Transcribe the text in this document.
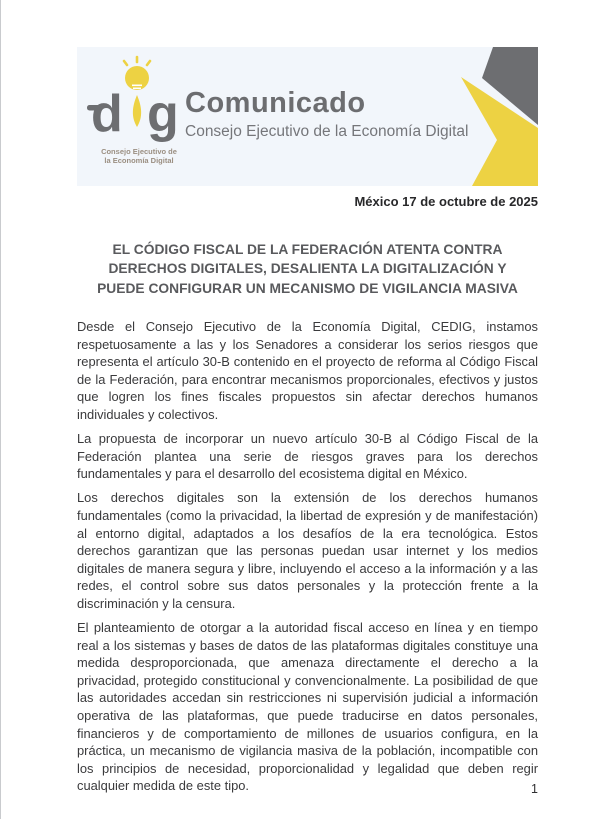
d g
Consejo Ejecutivo de
la Economía Digital
Comunicado
Consejo Ejecutivo de la Economía Digital
México 17 de octubre de 2025
EL CÓDIGO FISCAL DE LA FEDERACIÓN ATENTA CONTRA
DERECHOS DIGITALES, DESALIENTA LA DIGITALIZACIÓN Y
PUEDE CONFIGURAR UN MECANISMO DE VIGILANCIA MASIVA

Desde el Consejo Ejecutivo de la Economía Digital, CEDIG, instamos respetuosamente a las y los Senadores a considerar los serios riesgos que representa el artículo 30-B contenido en el proyecto de reforma al Código Fiscal de la Federación, para encontrar mecanismos proporcionales, efectivos y justos que logren los fines fiscales propuestos sin afectar derechos humanos individuales y colectivos.

La propuesta de incorporar un nuevo artículo 30-B al Código Fiscal de la Federación plantea una serie de riesgos graves para los derechos fundamentales y para el desarrollo del ecosistema digital en México.

Los derechos digitales son la extensión de los derechos humanos fundamentales (como la privacidad, la libertad de expresión y de manifestación) al entorno digital, adaptados a los desafíos de la era tecnológica. Estos derechos garantizan que las personas puedan usar internet y los medios digitales de manera segura y libre, incluyendo el acceso a la información y a las redes, el control sobre sus datos personales y la protección frente a la discriminación y la censura.

El planteamiento de otorgar a la autoridad fiscal acceso en línea y en tiempo real a los sistemas y bases de datos de las plataformas digitales constituye una medida desproporcionada, que amenaza directamente el derecho a la privacidad, protegido constitucional y convencionalmente. La posibilidad de que las autoridades accedan sin restricciones ni supervisión judicial a información operativa de las plataformas, que puede traducirse en datos personales, financieros y de comportamiento de millones de usuarios configura, en la práctica, un mecanismo de vigilancia masiva de la población, incompatible con los principios de necesidad, proporcionalidad y legalidad que deben regir cualquier medida de este tipo.	1
